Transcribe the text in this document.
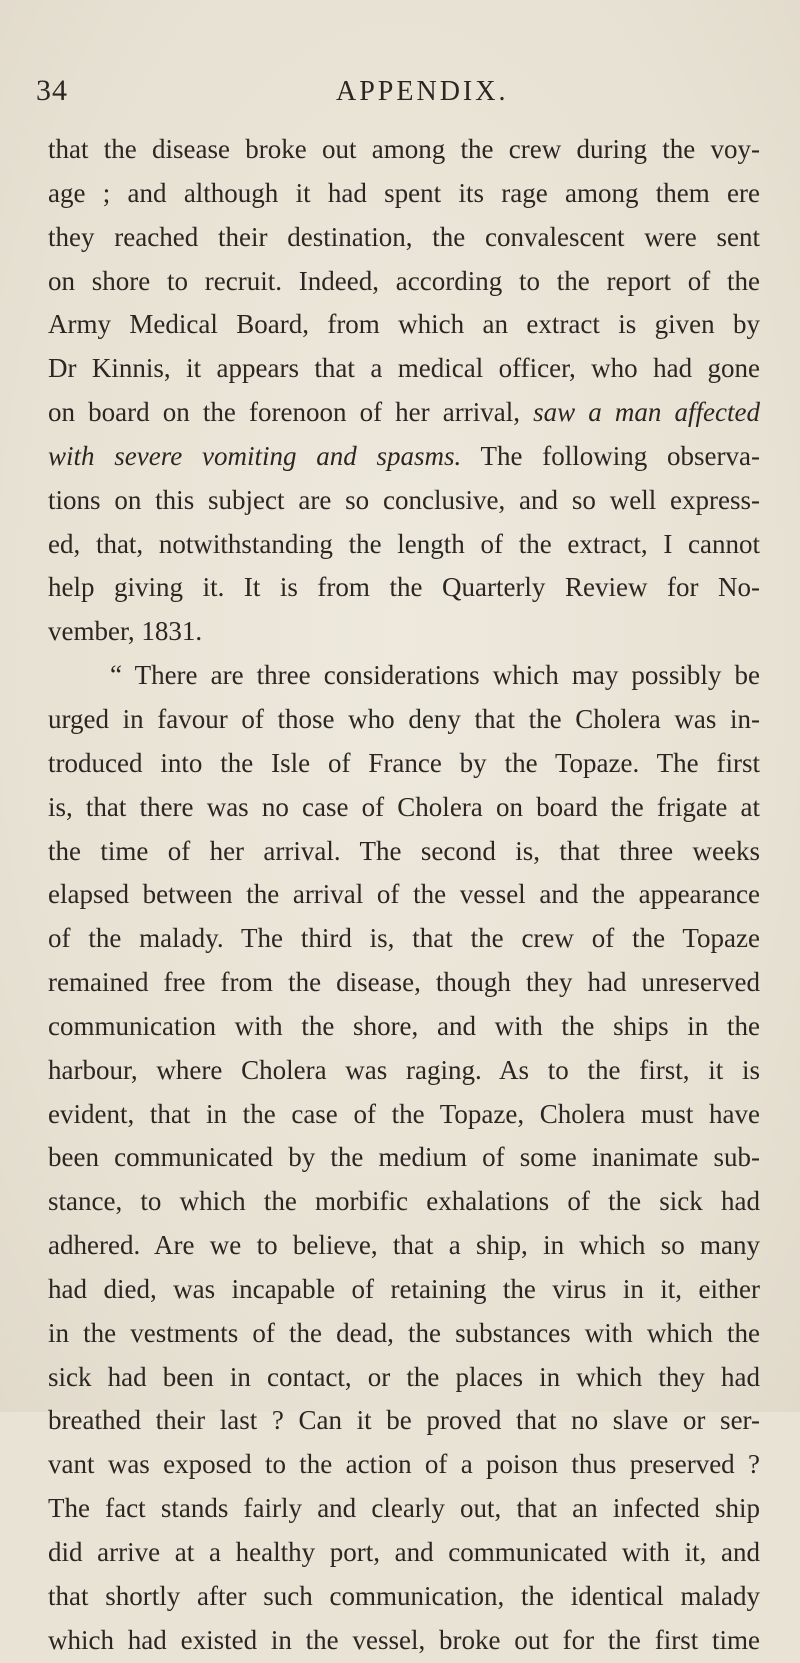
34	APPENDIX.
that the disease broke out among the crew during the voy-
age ; and although it had spent its rage among them ere
they reached their destination, the convalescent were sent
on shore to recruit. Indeed, according to the report of the
Army Medical Board, from which an extract is given by
Dr Kinnis, it appears that a medical officer, who had gone
on board on the forenoon of her arrival, saw a man affected
with severe vomiting and spasms. The following observa-
tions on this subject are so conclusive, and so well express-
ed, that, notwithstanding the length of the extract, I cannot
help giving it. It is from the Quarterly Review for No-
vember, 1831.
“ There are three considerations which may possibly be
urged in favour of those who deny that the Cholera was in-
troduced into the Isle of France by the Topaze. The first
is, that there was no case of Cholera on board the frigate at
the time of her arrival. The second is, that three weeks
elapsed between the arrival of the vessel and the appearance
of the malady. The third is, that the crew of the Topaze
remained free from the disease, though they had unreserved
communication with the shore, and with the ships in the
harbour, where Cholera was raging. As to the first, it is
evident, that in the case of the Topaze, Cholera must have
been communicated by the medium of some inanimate sub-
stance, to which the morbific exhalations of the sick had
adhered. Are we to believe, that a ship, in which so many
had died, was incapable of retaining the virus in it, either
in the vestments of the dead, the substances with which the
sick had been in contact, or the places in which they had
breathed their last ? Can it be proved that no slave or ser-
vant was exposed to the action of a poison thus preserved ?
The fact stands fairly and clearly out, that an infected ship
did arrive at a healthy port, and communicated with it, and
that shortly after such communication, the identical malady
which had existed in the vessel, broke out for the first time
